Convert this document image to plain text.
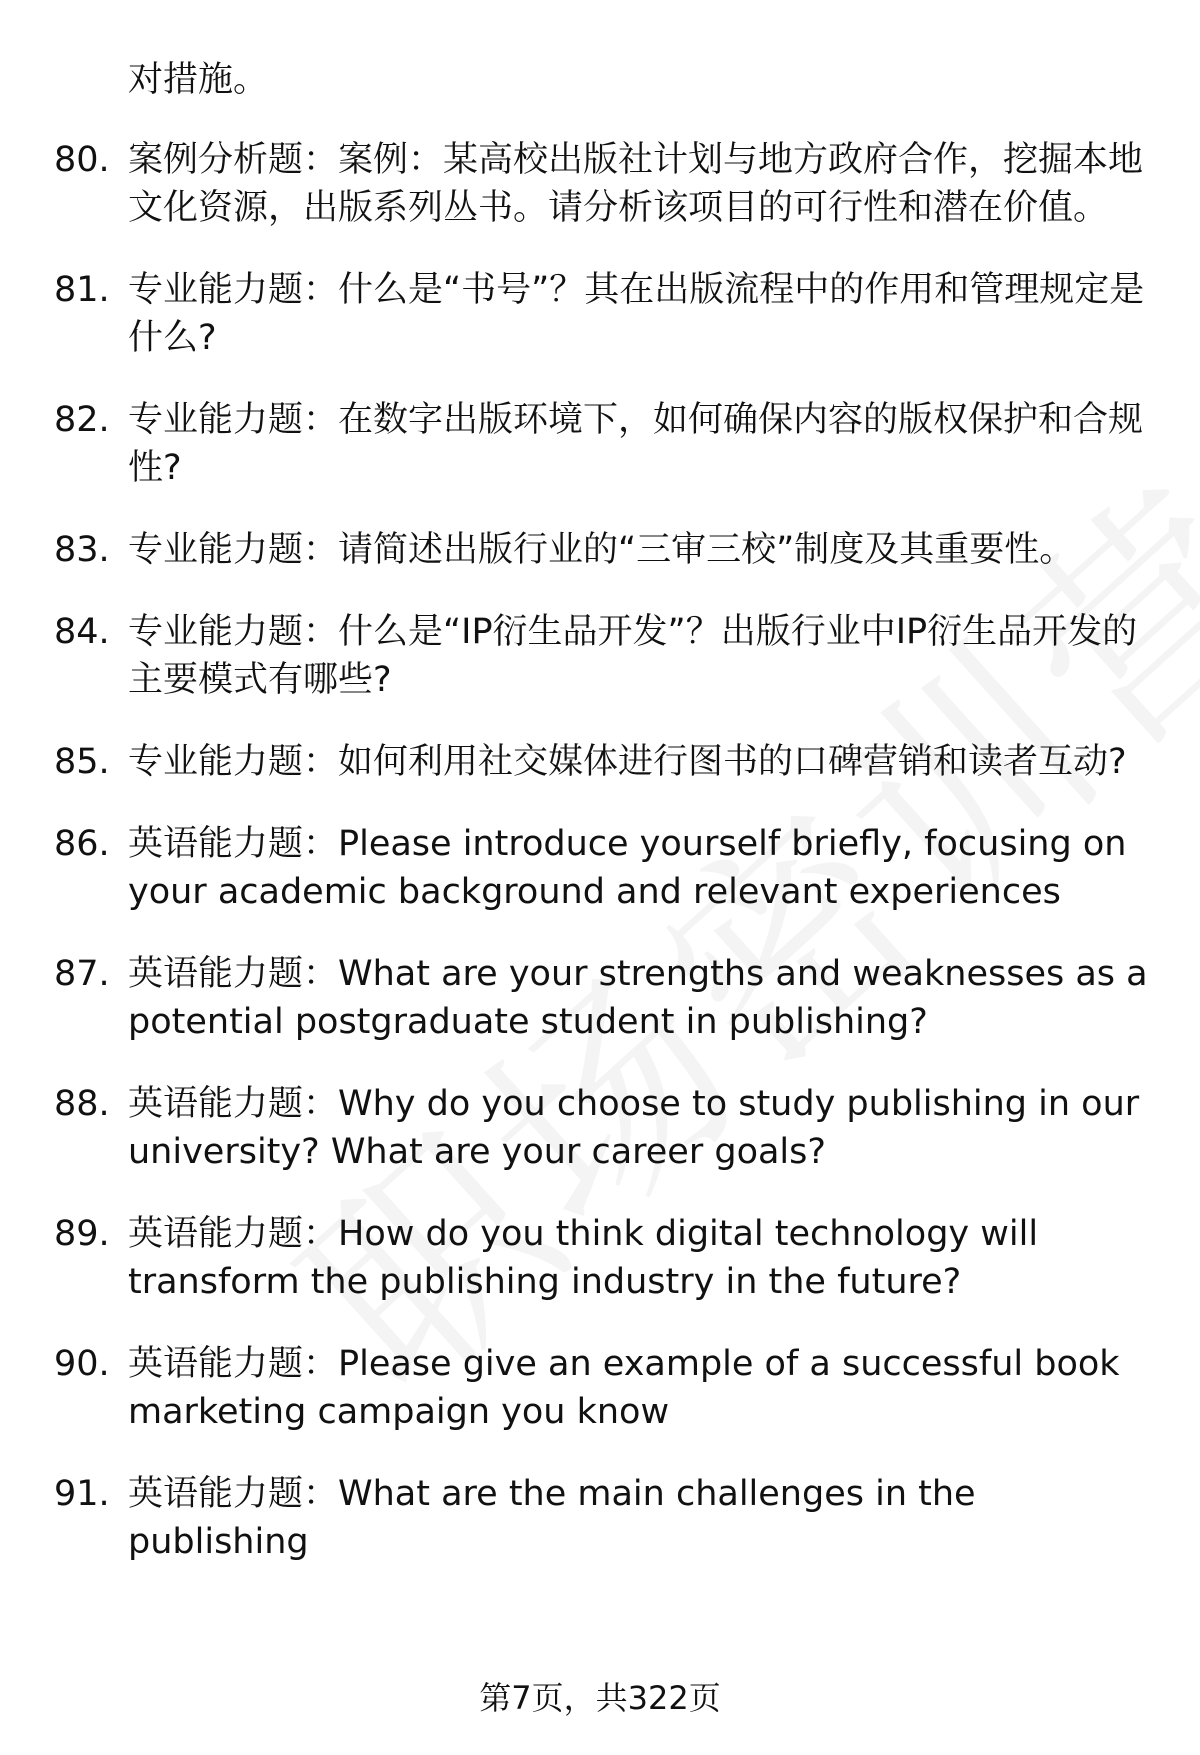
对措施。
80. 案例分析题：案例：某高校出版社计划与地方政府合作，挖掘本地文化资源，出版系列丛书。请分析该项目的可行性和潜在价值。
81. 专业能力题：什么是“书号”？其在出版流程中的作用和管理规定是什么?
82. 专业能力题：在数字出版环境下，如何确保内容的版权保护和合规性?
83. 专业能力题：请简述出版行业的“三审三校”制度及其重要性。
84. 专业能力题：什么是“IP衍生品开发”？出版行业中IP衍生品开发的主要模式有哪些?
85. 专业能力题：如何利用社交媒体进行图书的口碑营销和读者互动?
86. 英语能力题：Please introduce yourself briefly, focusing on your academic background and relevant experiences
87. 英语能力题：What are your strengths and weaknesses as a potential postgraduate student in publishing?
88. 英语能力题：Why do you choose to study publishing in our university? What are your career goals?
89. 英语能力题：How do you think digital technology will transform the publishing industry in the future?
90. 英语能力题：Please give an example of a successful book marketing campaign you know
91. 英语能力题：What are the main challenges in the publishing
第7页，共322页
